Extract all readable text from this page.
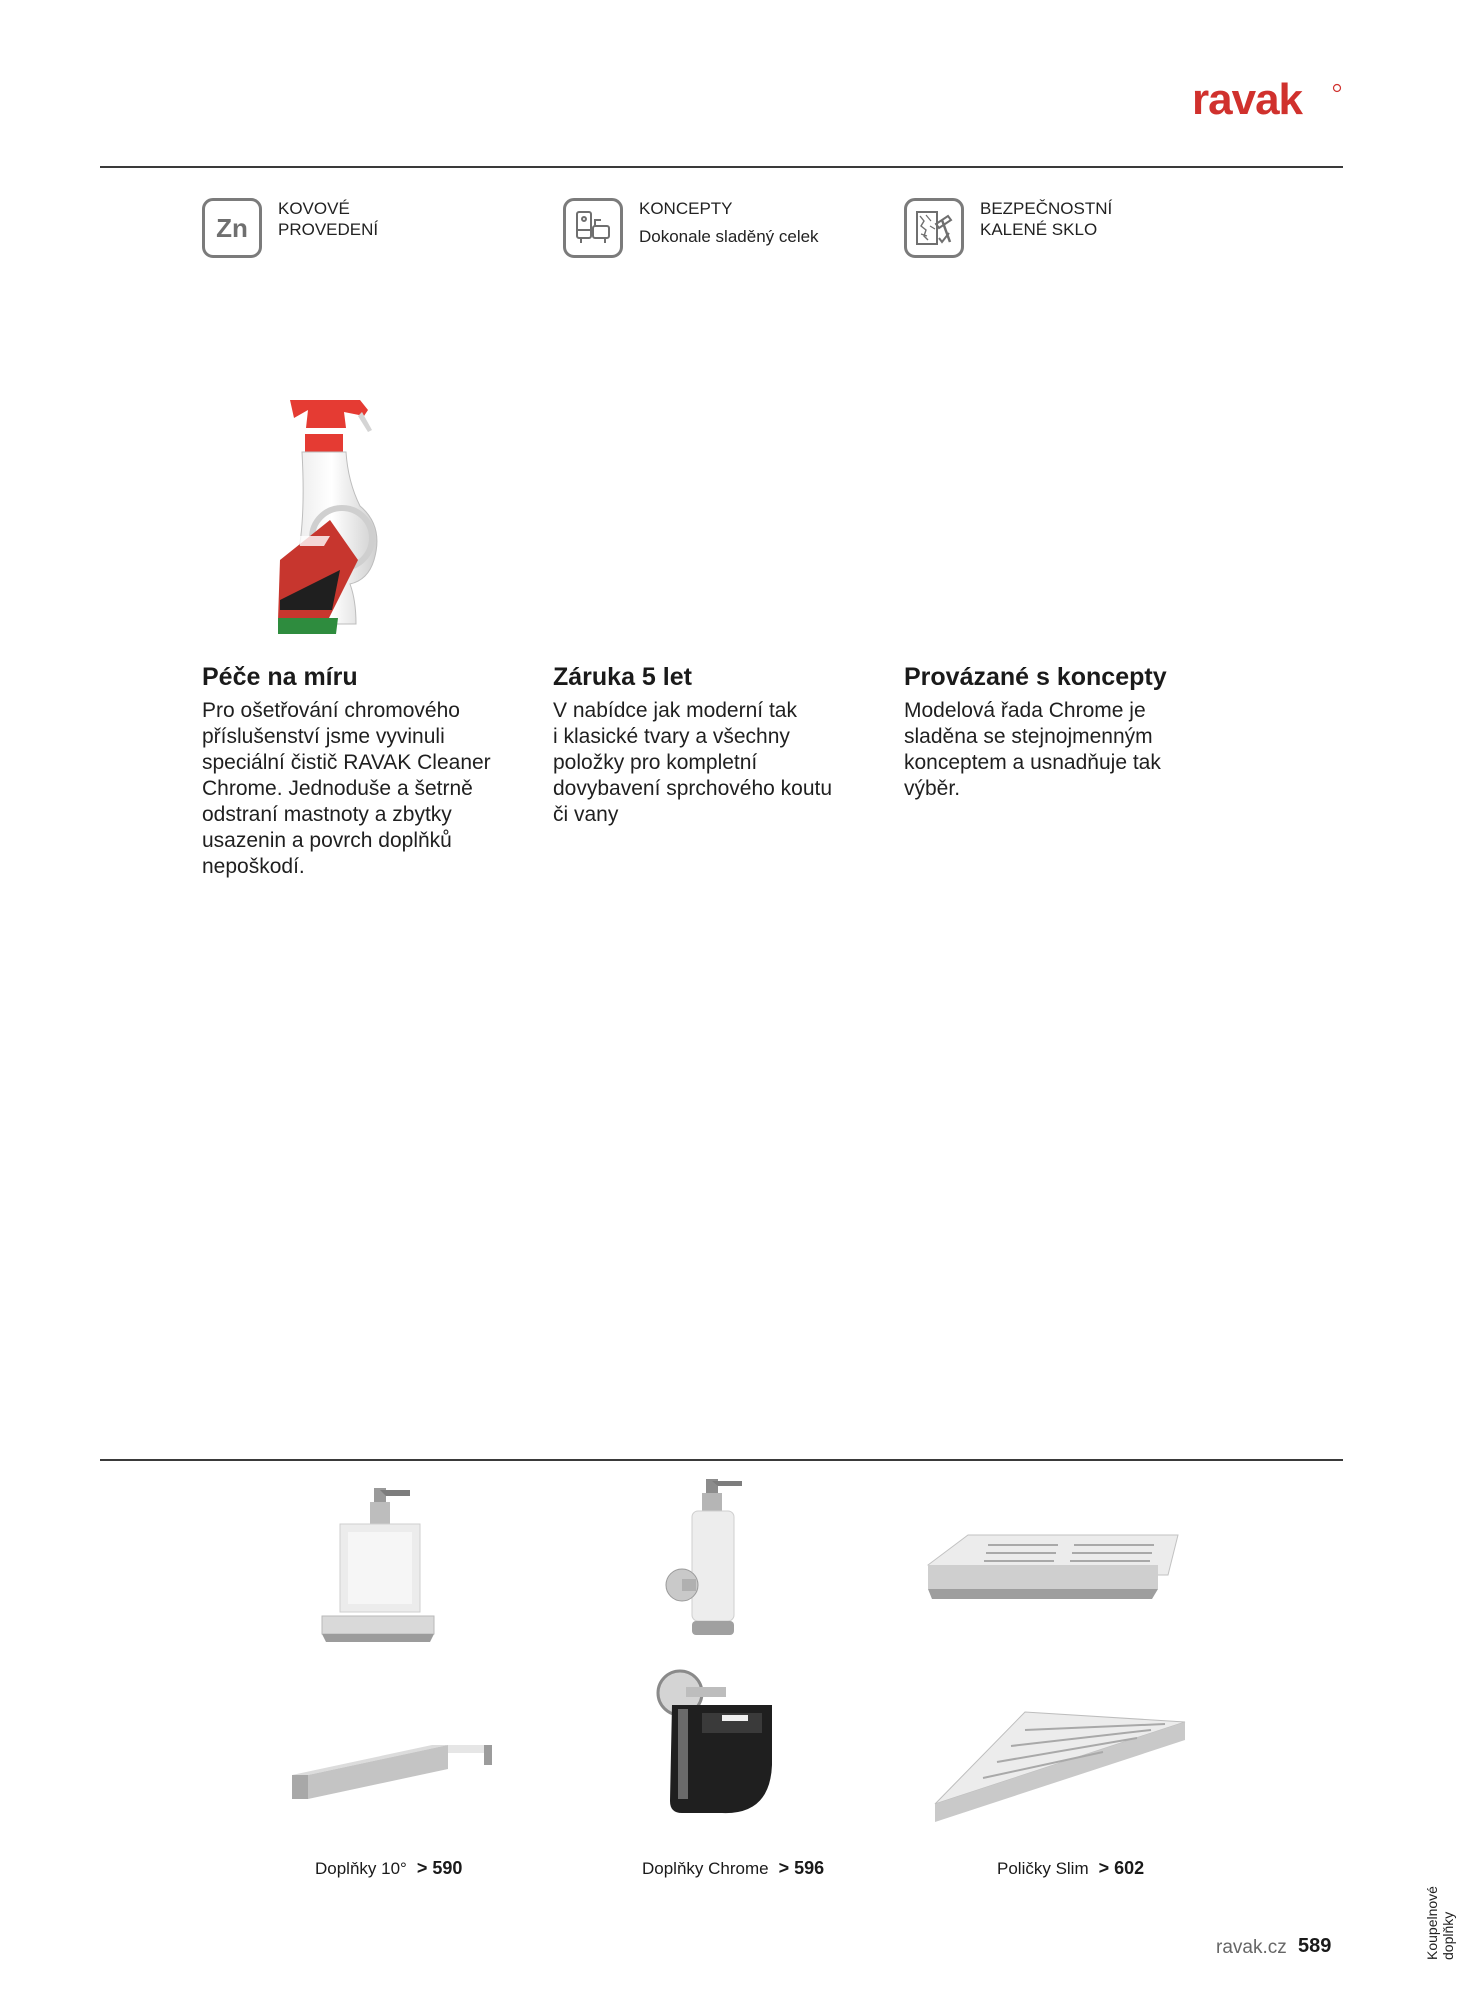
ravak
Zn
KOVOVÉ
PROVEDENÍ
KONCEPTY
Dokonale sladěný celek
BEZPEČNOSTNÍ
KALENÉ SKLO
Péče na míru

Pro ošetřování chromového
příslušenství jsme vyvinuli
speciální čistič RAVAK Cleaner
Chrome. Jednoduše a šetrně
odstraní mastnoty a zbytky
usazenin a povrch doplňků
nepoškodí.

Záruka 5 let

V nabídce jak moderní tak
i klasické tvary a všechny
položky pro kompletní
dovybavení sprchového koutu
či vany

Provázané s koncepty

Modelová řada Chrome je
sladěna se stejnojmenným
konceptem a usnadňuje tak
výběr.

Doplňky 10° > 590	Doplňky Chrome > 596	Poličky Slim > 602
ravak.cz 589	Koupelnové
doplňky
